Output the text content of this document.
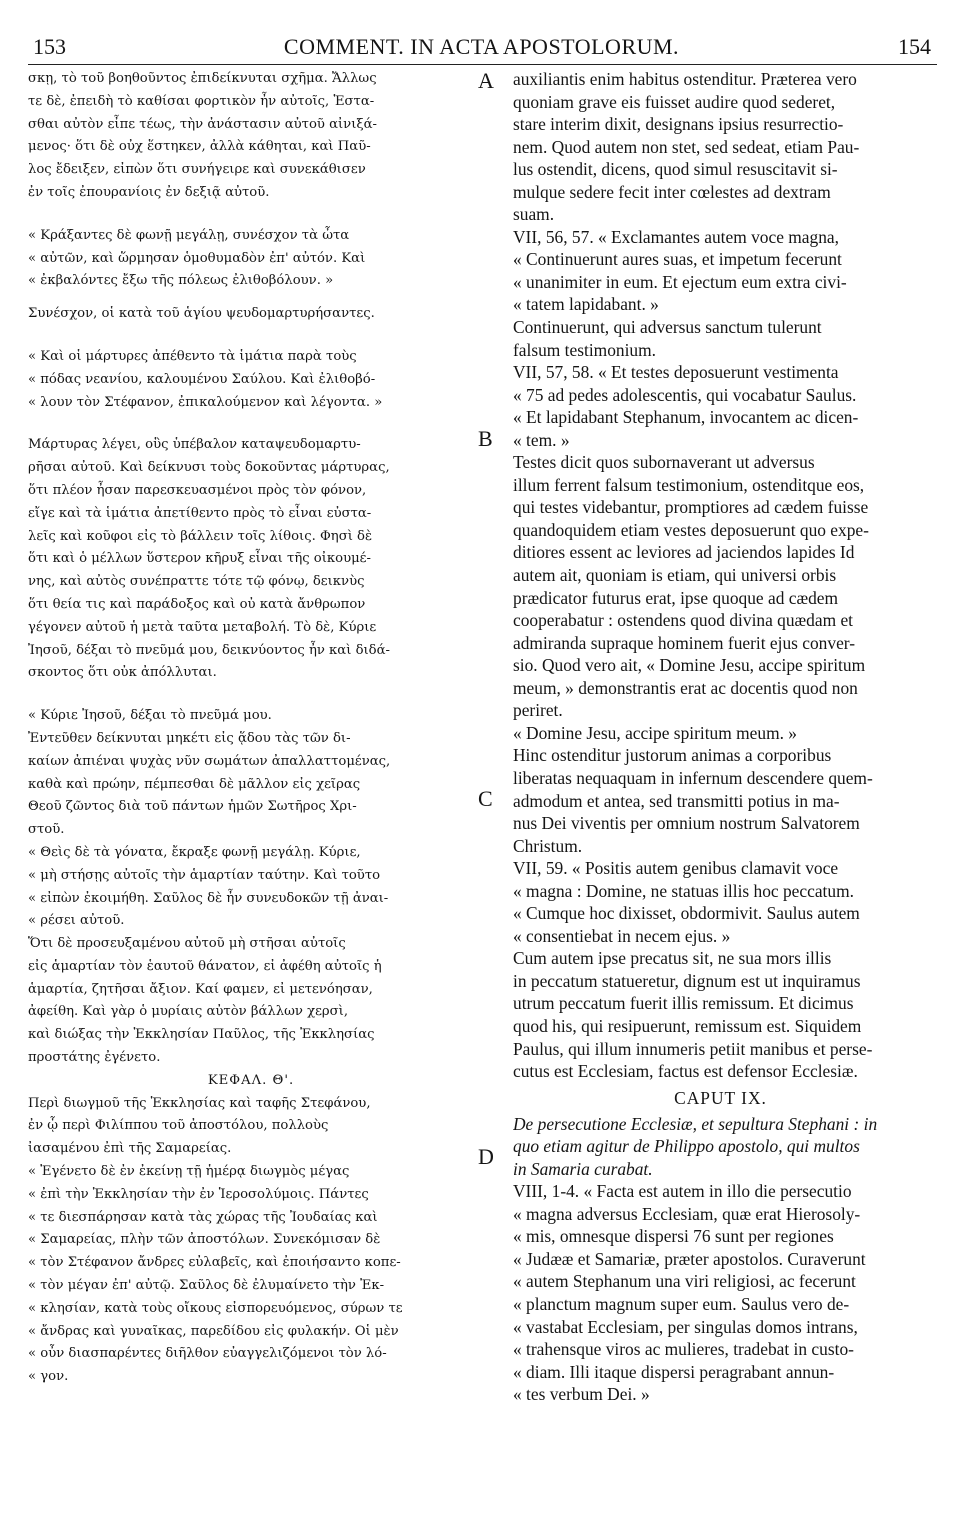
COMMENT. IN ACTA APOSTOLORUM.
153	154
A
B
C
D
σκῃ, τὸ τοῦ βοηθοῦντος ἐπιδείκνυται σχῆμα. Ἄλλως
τε δὲ, ἐπειδὴ τὸ καθίσαι φορτικὸν ἦν αὐτοῖς, Ἑστα-
σθαι αὐτὸν εἶπε τέως, τὴν ἀνάστασιν αὐτοῦ αἰνιξά-
μενος· ὅτι δὲ οὐχ ἕστηκεν, ἀλλὰ κάθηται, καὶ Παῦ-
λος ἔδειξεν, εἰπὼν ὅτι συνήγειρε καὶ συνεκάθισεν
ἐν τοῖς ἐπουρανίοις ἐν δεξιᾷ αὐτοῦ.
« Κράξαντες δὲ φωνῇ μεγάλῃ, συνέσχον τὰ ὦτα
« αὐτῶν, καὶ ὥρμησαν ὁμοθυμαδὸν ἐπ' αὐτόν. Καὶ
« ἐκβαλόντες ἔξω τῆς πόλεως ἐλιθοβόλουν. »
Συνέσχον, οἱ κατὰ τοῦ ἁγίου ψευδομαρτυρήσαντες.
« Καὶ οἱ μάρτυρες ἀπέθεντο τὰ ἱμάτια παρὰ τοὺς
« πόδας νεανίου, καλουμένου Σαύλου. Καὶ ἐλιθοβό-
« λουν τὸν Στέφανον, ἐπικαλούμενον καὶ λέγοντα. »
Μάρτυρας λέγει, οὓς ὑπέβαλον καταψευδομαρτυ-
ρῆσαι αὐτοῦ. Καὶ δείκνυσι τοὺς δοκοῦντας μάρτυρας,
ὅτι πλέον ἦσαν παρεσκευασμένοι πρὸς τὸν φόνον,
εἴγε καὶ τὰ ἱμάτια ἀπετίθεντο πρὸς τὸ εἶναι εὐστα-
λεῖς καὶ κοῦφοι εἰς τὸ βάλλειν τοῖς λίθοις. Φησὶ δὲ
ὅτι καὶ ὁ μέλλων ὕστερον κῆρυξ εἶναι τῆς οἰκουμέ-
νης, καὶ αὐτὸς συνέπραττε τότε τῷ φόνῳ, δεικνὺς
ὅτι θεία τις καὶ παράδοξος καὶ οὐ κατὰ ἄνθρωπον
γέγονεν αὐτοῦ ἡ μετὰ ταῦτα μεταβολή. Τὸ δὲ, Κύριε
Ἰησοῦ, δέξαι τὸ πνεῦμά μου, δεικνύοντος ἦν καὶ διδά-
σκοντος ὅτι οὐκ ἀπόλλυται.
« Κύριε Ἰησοῦ, δέξαι τὸ πνεῦμά μου.
Ἐντεῦθεν δείκνυται μηκέτι εἰς ᾅδου τὰς τῶν δι-
καίων ἀπιέναι ψυχὰς νῦν σωμάτων ἀπαλλαττομένας,
καθὰ καὶ πρώην, πέμπεσθαι δὲ μᾶλλον εἰς χεῖρας
Θεοῦ ζῶντος διὰ τοῦ πάντων ἡμῶν Σωτῆρος Χρι-
στοῦ.
« Θεὶς δὲ τὰ γόνατα, ἔκραξε φωνῇ μεγάλῃ. Κύριε,
« μὴ στήσῃς αὐτοῖς τὴν ἁμαρτίαν ταύτην. Καὶ τοῦτο
« εἰπὼν ἐκοιμήθη. Σαῦλος δὲ ἦν συνευδοκῶν τῇ ἀναι-
« ρέσει αὐτοῦ.
Ὅτι δὲ προσευξαμένου αὐτοῦ μὴ στῆσαι αὐτοῖς
εἰς ἁμαρτίαν τὸν ἑαυτοῦ θάνατον, εἰ ἀφέθη αὐτοῖς ἡ
ἁμαρτία, ζητῆσαι ἄξιον. Καί φαμεν, εἰ μετενόησαν,
ἀφείθη. Καὶ γὰρ ὁ μυρίαις αὐτὸν βάλλων χερσὶ,
καὶ διώξας τὴν Ἐκκλησίαν Παῦλος, τῆς Ἐκκλησίας
προστάτης ἐγένετο.
ΚΕΦΑΛ. Θ'.
Περὶ διωγμοῦ τῆς Ἐκκλησίας καὶ ταφῆς Στεφάνου,
ἐν ᾧ περὶ Φιλίππου τοῦ ἀποστόλου, πολλοὺς
ἰασαμένου ἐπὶ τῆς Σαμαρείας.
« Ἐγένετο δὲ ἐν ἐκείνῃ τῇ ἡμέρᾳ διωγμὸς μέγας
« ἐπὶ τὴν Ἐκκλησίαν τὴν ἐν Ἱεροσολύμοις. Πάντες
« τε διεσπάρησαν κατὰ τὰς χώρας τῆς Ἰουδαίας καὶ
« Σαμαρείας, πλὴν τῶν ἀποστόλων. Συνεκόμισαν δὲ
« τὸν Στέφανον ἄνδρες εὐλαβεῖς, καὶ ἐποιήσαντο κοπε-
« τὸν μέγαν ἐπ' αὐτῷ. Σαῦλος δὲ ἐλυμαίνετο τὴν Ἐκ-
« κλησίαν, κατὰ τοὺς οἴκους εἰσπορευόμενος, σύρων τε
« ἄνδρας καὶ γυναῖκας, παρεδίδου εἰς φυλακήν. Οἱ μὲν
« οὖν διασπαρέντες διῆλθον εὐαγγελιζόμενοι τὸν λό-
« γον.
auxiliantis enim habitus ostenditur. Præterea vero
quoniam grave eis fuisset audire quod sederet,
stare interim dixit, designans ipsius resurrectio-
nem. Quod autem non stet, sed sedeat, etiam Pau-
lus ostendit, dicens, quod simul resuscitavit si-
mulque sedere fecit inter cœlestes ad dextram
suam.
VII, 56, 57. « Exclamantes autem voce magna,
« Continuerunt aures suas, et impetum fecerunt
« unanimiter in eum. Et ejectum eum extra civi-
« tatem lapidabant. »
Continuerunt, qui adversus sanctum tulerunt
falsum testimonium.
VII, 57, 58. « Et testes deposuerunt vestimenta
« 75 ad pedes adolescentis, qui vocabatur Saulus.
« Et lapidabant Stephanum, invocantem ac dicen-
« tem. »
Testes dicit quos subornaverant ut adversus
illum ferrent falsum testimonium, ostenditque eos,
qui testes videbantur, promptiores ad cædem fuisse
quandoquidem etiam vestes deposuerunt quo expe-
ditiores essent ac leviores ad jaciendos lapides Id
autem ait, quoniam is etiam, qui universi orbis
prædicator futurus erat, ipse quoque ad cædem
cooperabatur : ostendens quod divina quædam et
admiranda supraque hominem fuerit ejus conver-
sio. Quod vero ait, « Domine Jesu, accipe spiritum
meum, » demonstrantis erat ac docentis quod non
periret.
« Domine Jesu, accipe spiritum meum. »
Hinc ostenditur justorum animas a corporibus
liberatas nequaquam in infernum descendere quem-
admodum et antea, sed transmitti potius in ma-
nus Dei viventis per omnium nostrum Salvatorem
Christum.
VII, 59. « Positis autem genibus clamavit voce
« magna : Domine, ne statuas illis hoc peccatum.
« Cumque hoc dixisset, obdormivit. Saulus autem
« consentiebat in necem ejus. »
Cum autem ipse precatus sit, ne sua mors illis
in peccatum statueretur, dignum est ut inquiramus
utrum peccatum fuerit illis remissum. Et dicimus
quod his, qui resipuerunt, remissum est. Siquidem
Paulus, qui illum innumeris petiit manibus et perse-
cutus est Ecclesiam, factus est defensor Ecclesiæ.
CAPUT IX.
De persecutione Ecclesiæ, et sepultura Stephani : in
quo etiam agitur de Philippo apostolo, qui multos
in Samaria curabat.
VIII, 1-4. « Facta est autem in illo die persecutio
« magna adversus Ecclesiam, quæ erat Hierosoly-
« mis, omnesque dispersi 76 sunt per regiones
« Judææ et Samariæ, præter apostolos. Curaverunt
« autem Stephanum una viri religiosi, ac fecerunt
« planctum magnum super eum. Saulus vero de-
« vastabat Ecclesiam, per singulas domos intrans,
« trahensque viros ac mulieres, tradebat in custo-
« diam. Illi itaque dispersi peragrabant annun-
« tes verbum Dei. »
